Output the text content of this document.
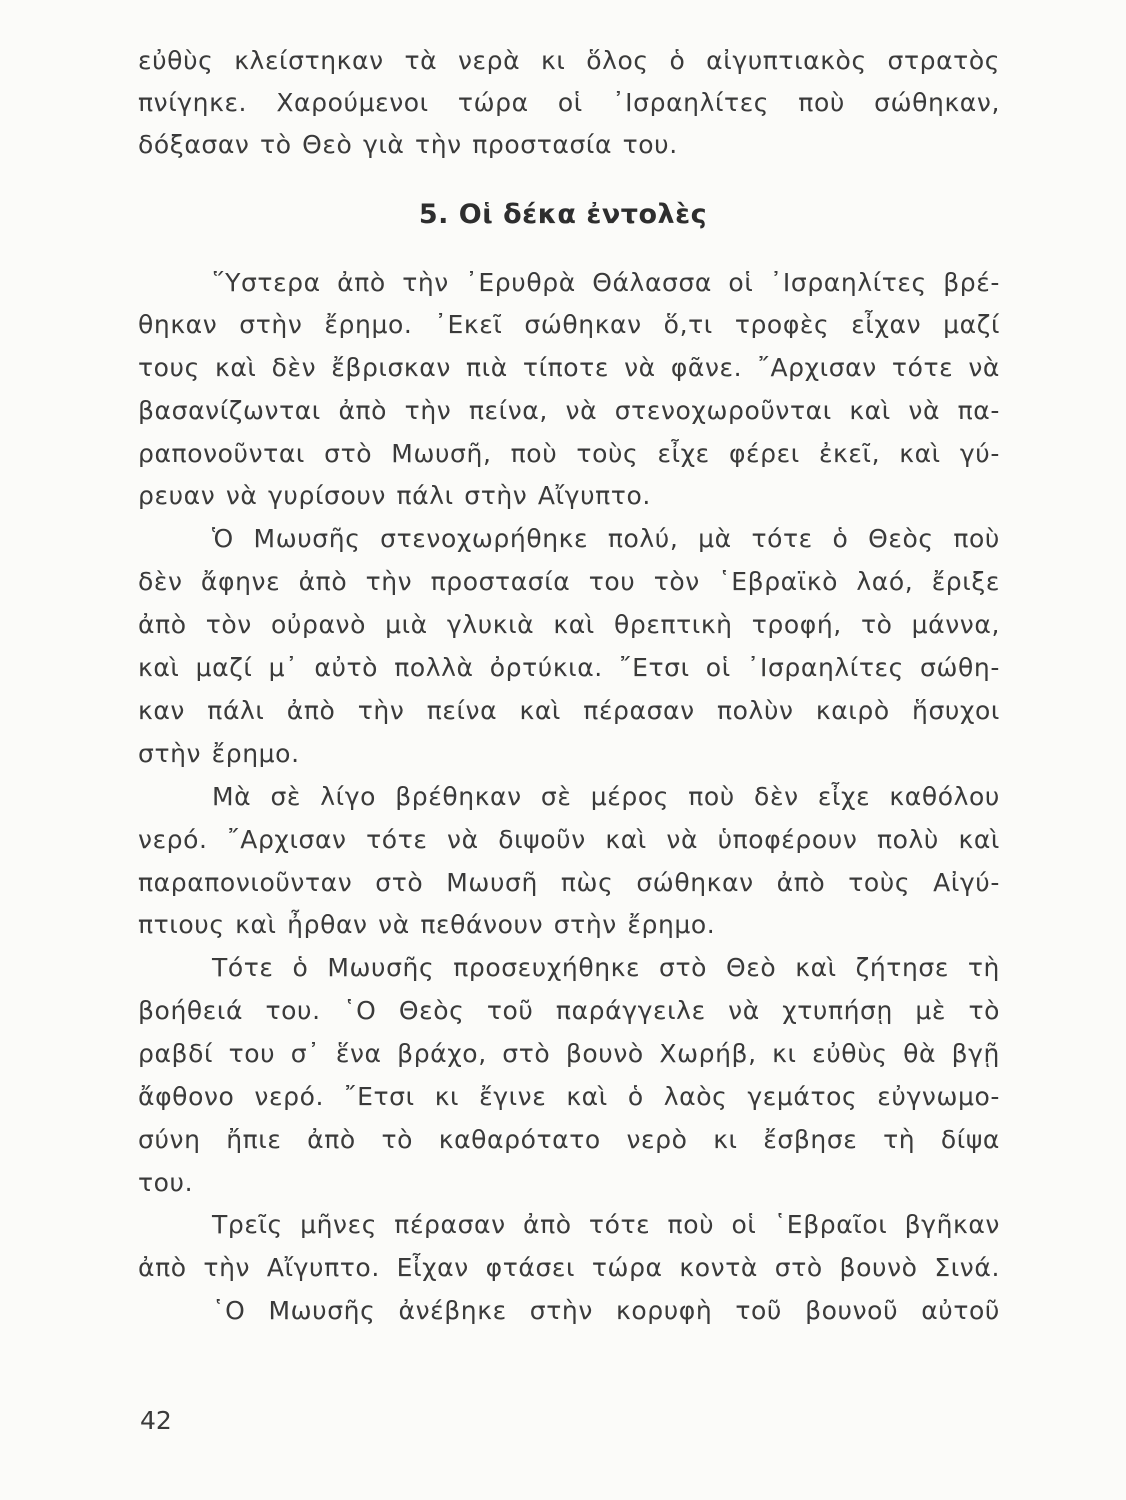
εὐθὺς κλείστηκαν τὰ νερὰ κι ὅλος ὁ αἰγυπτιακὸς στρατὸς
πνίγηκε. Χαρούμενοι τώρα οἱ ᾿Ισραηλίτες ποὺ σώθηκαν,
δόξασαν τὸ Θεὸ γιὰ τὴν προστασία του.
5. Οἱ δέκα ἐντολὲς
῞Υστερα ἀπὸ τὴν ᾿Ερυθρὰ Θάλασσα οἱ ᾿Ισραηλίτες βρέ-
θηκαν στὴν ἔρημο. ᾿Εκεῖ σώθηκαν ὅ,τι τροφὲς εἶχαν μαζί
τους καὶ δὲν ἔβρισκαν πιὰ τίποτε νὰ φᾶνε. ῎Αρχισαν τότε νὰ
βασανίζωνται ἀπὸ τὴν πείνα, νὰ στενοχωροῦνται καὶ νὰ πα-
ραπονοῦνται στὸ Μωυσῆ, ποὺ τοὺς εἶχε φέρει ἐκεῖ, καὶ γύ-
ρευαν νὰ γυρίσουν πάλι στὴν Αἴγυπτο.
Ὁ Μωυσῆς στενοχωρήθηκε πολύ, μὰ τότε ὁ Θεὸς ποὺ
δὲν ἄφηνε ἀπὸ τὴν προστασία του τὸν ῾Εβραϊκὸ λαό, ἔριξε
ἀπὸ τὸν οὐρανὸ μιὰ γλυκιὰ καὶ θρεπτικὴ τροφή, τὸ μάννα,
καὶ μαζί μ᾿ αὐτὸ πολλὰ ὀρτύκια. ῎Ετσι οἱ ᾿Ισραηλίτες σώθη-
καν πάλι ἀπὸ τὴν πείνα καὶ πέρασαν πολὺν καιρὸ ἥσυχοι
στὴν ἔρημο.
Μὰ σὲ λίγο βρέθηκαν σὲ μέρος ποὺ δὲν εἶχε καθόλου
νερό. ῎Αρχισαν τότε νὰ διψοῦν καὶ νὰ ὑποφέρουν πολὺ καὶ
παραπονιοῦνταν στὸ Μωυσῆ πὼς σώθηκαν ἀπὸ τοὺς Αἰγύ-
πτιους καὶ ἦρθαν νὰ πεθάνουν στὴν ἔρημο.
Τότε ὁ Μωυσῆς προσευχήθηκε στὸ Θεὸ καὶ ζήτησε τὴ
βοήθειά του. ῾Ο Θεὸς τοῦ παράγγειλε νὰ χτυπήσῃ μὲ τὸ
ραβδί του σ᾿ ἕνα βράχο, στὸ βουνὸ Χωρήβ, κι εὐθὺς θὰ βγῇ
ἄφθονο νερό. ῎Ετσι κι ἔγινε καὶ ὁ λαὸς γεμάτος εὐγνωμο-
σύνη ἤπιε ἀπὸ τὸ καθαρότατο νερὸ κι ἔσβησε τὴ δίψα
του.
Τρεῖς μῆνες πέρασαν ἀπὸ τότε ποὺ οἱ ῾Εβραῖοι βγῆκαν
ἀπὸ τὴν Αἴγυπτο. Εἶχαν φτάσει τώρα κοντὰ στὸ βουνὸ Σινά.
῾Ο Μωυσῆς ἀνέβηκε στὴν κορυφὴ τοῦ βουνοῦ αὐτοῦ
42
